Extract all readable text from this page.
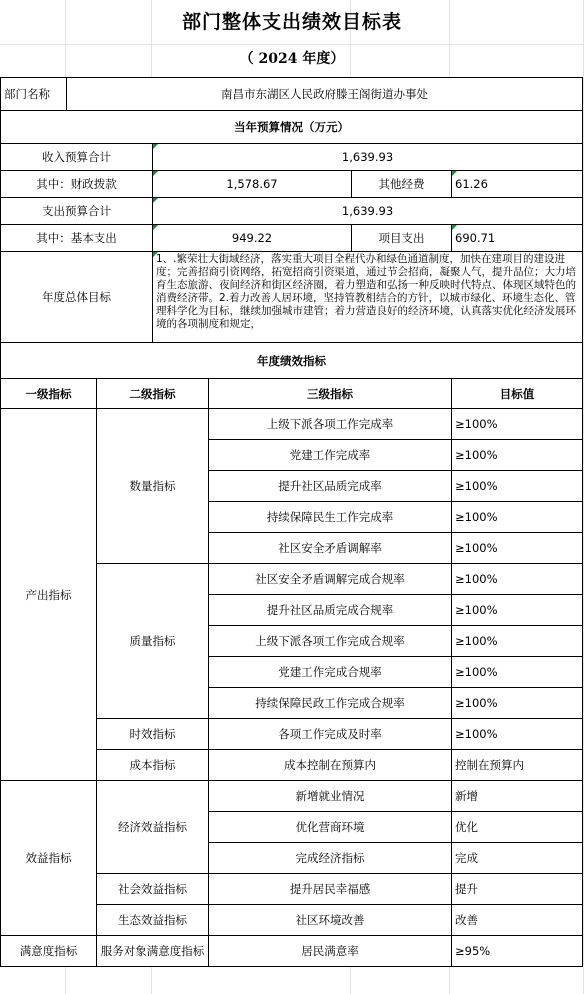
部门整体支出绩效目标表
（ 2024 年度）
部门名称	南昌市东湖区人民政府滕王阁街道办事处					
当年预算情况（万元）						
收入预算合计			1,639.93			
其中：财政拨款			1,578.67		其他经费	61.26
支出预算合计			1,639.93			
其中：基本支出			949.22		项目支出	690.71
年度总体目标			1、.繁荣壮大街域经济，落实重大项目全程代办和绿色通道制度，加快在建项目的建设进度；完善招商引资网络，拓宽招商引资渠道，通过节会招商，凝聚人气，提升品位；大力培育生态旅游、夜间经济和街区经济圈，着力塑造和弘扬一种反映时代特点、体现区域特色的消费经济带。2.着力改善人居环境，坚持管教相结合的方针，以城市绿化、环境生态化、管理科学化为目标，继续加强城市建管；着力营造良好的经济环境，认真落实优化经济发展环境的各项制度和规定，			
年度绩效指标						
一级指标		二级指标		三级指标		目标值
产出指标		数量指标		上级下派各项工作完成率		≥100%
				党建工作完成率		≥100%
				提升社区品质完成率		≥100%
				持续保障民生工作完成率		≥100%
				社区安全矛盾调解率		≥100%
		质量指标		社区安全矛盾调解完成合规率		≥100%
				提升社区品质完成合规率		≥100%
				上级下派各项工作完成合规率		≥100%
				党建工作完成合规率		≥100%
				持续保障民政工作完成合规率		≥100%
		时效指标		各项工作完成及时率		≥100%
		成本指标		成本控制在预算内		控制在预算内
效益指标		经济效益指标		新增就业情况		新增
				优化营商环境		优化
				完成经济指标		完成
		社会效益指标		提升居民幸福感		提升
		生态效益指标		社区环境改善		改善
满意度指标		服务对象满意度指标		居民满意率		≥95%
